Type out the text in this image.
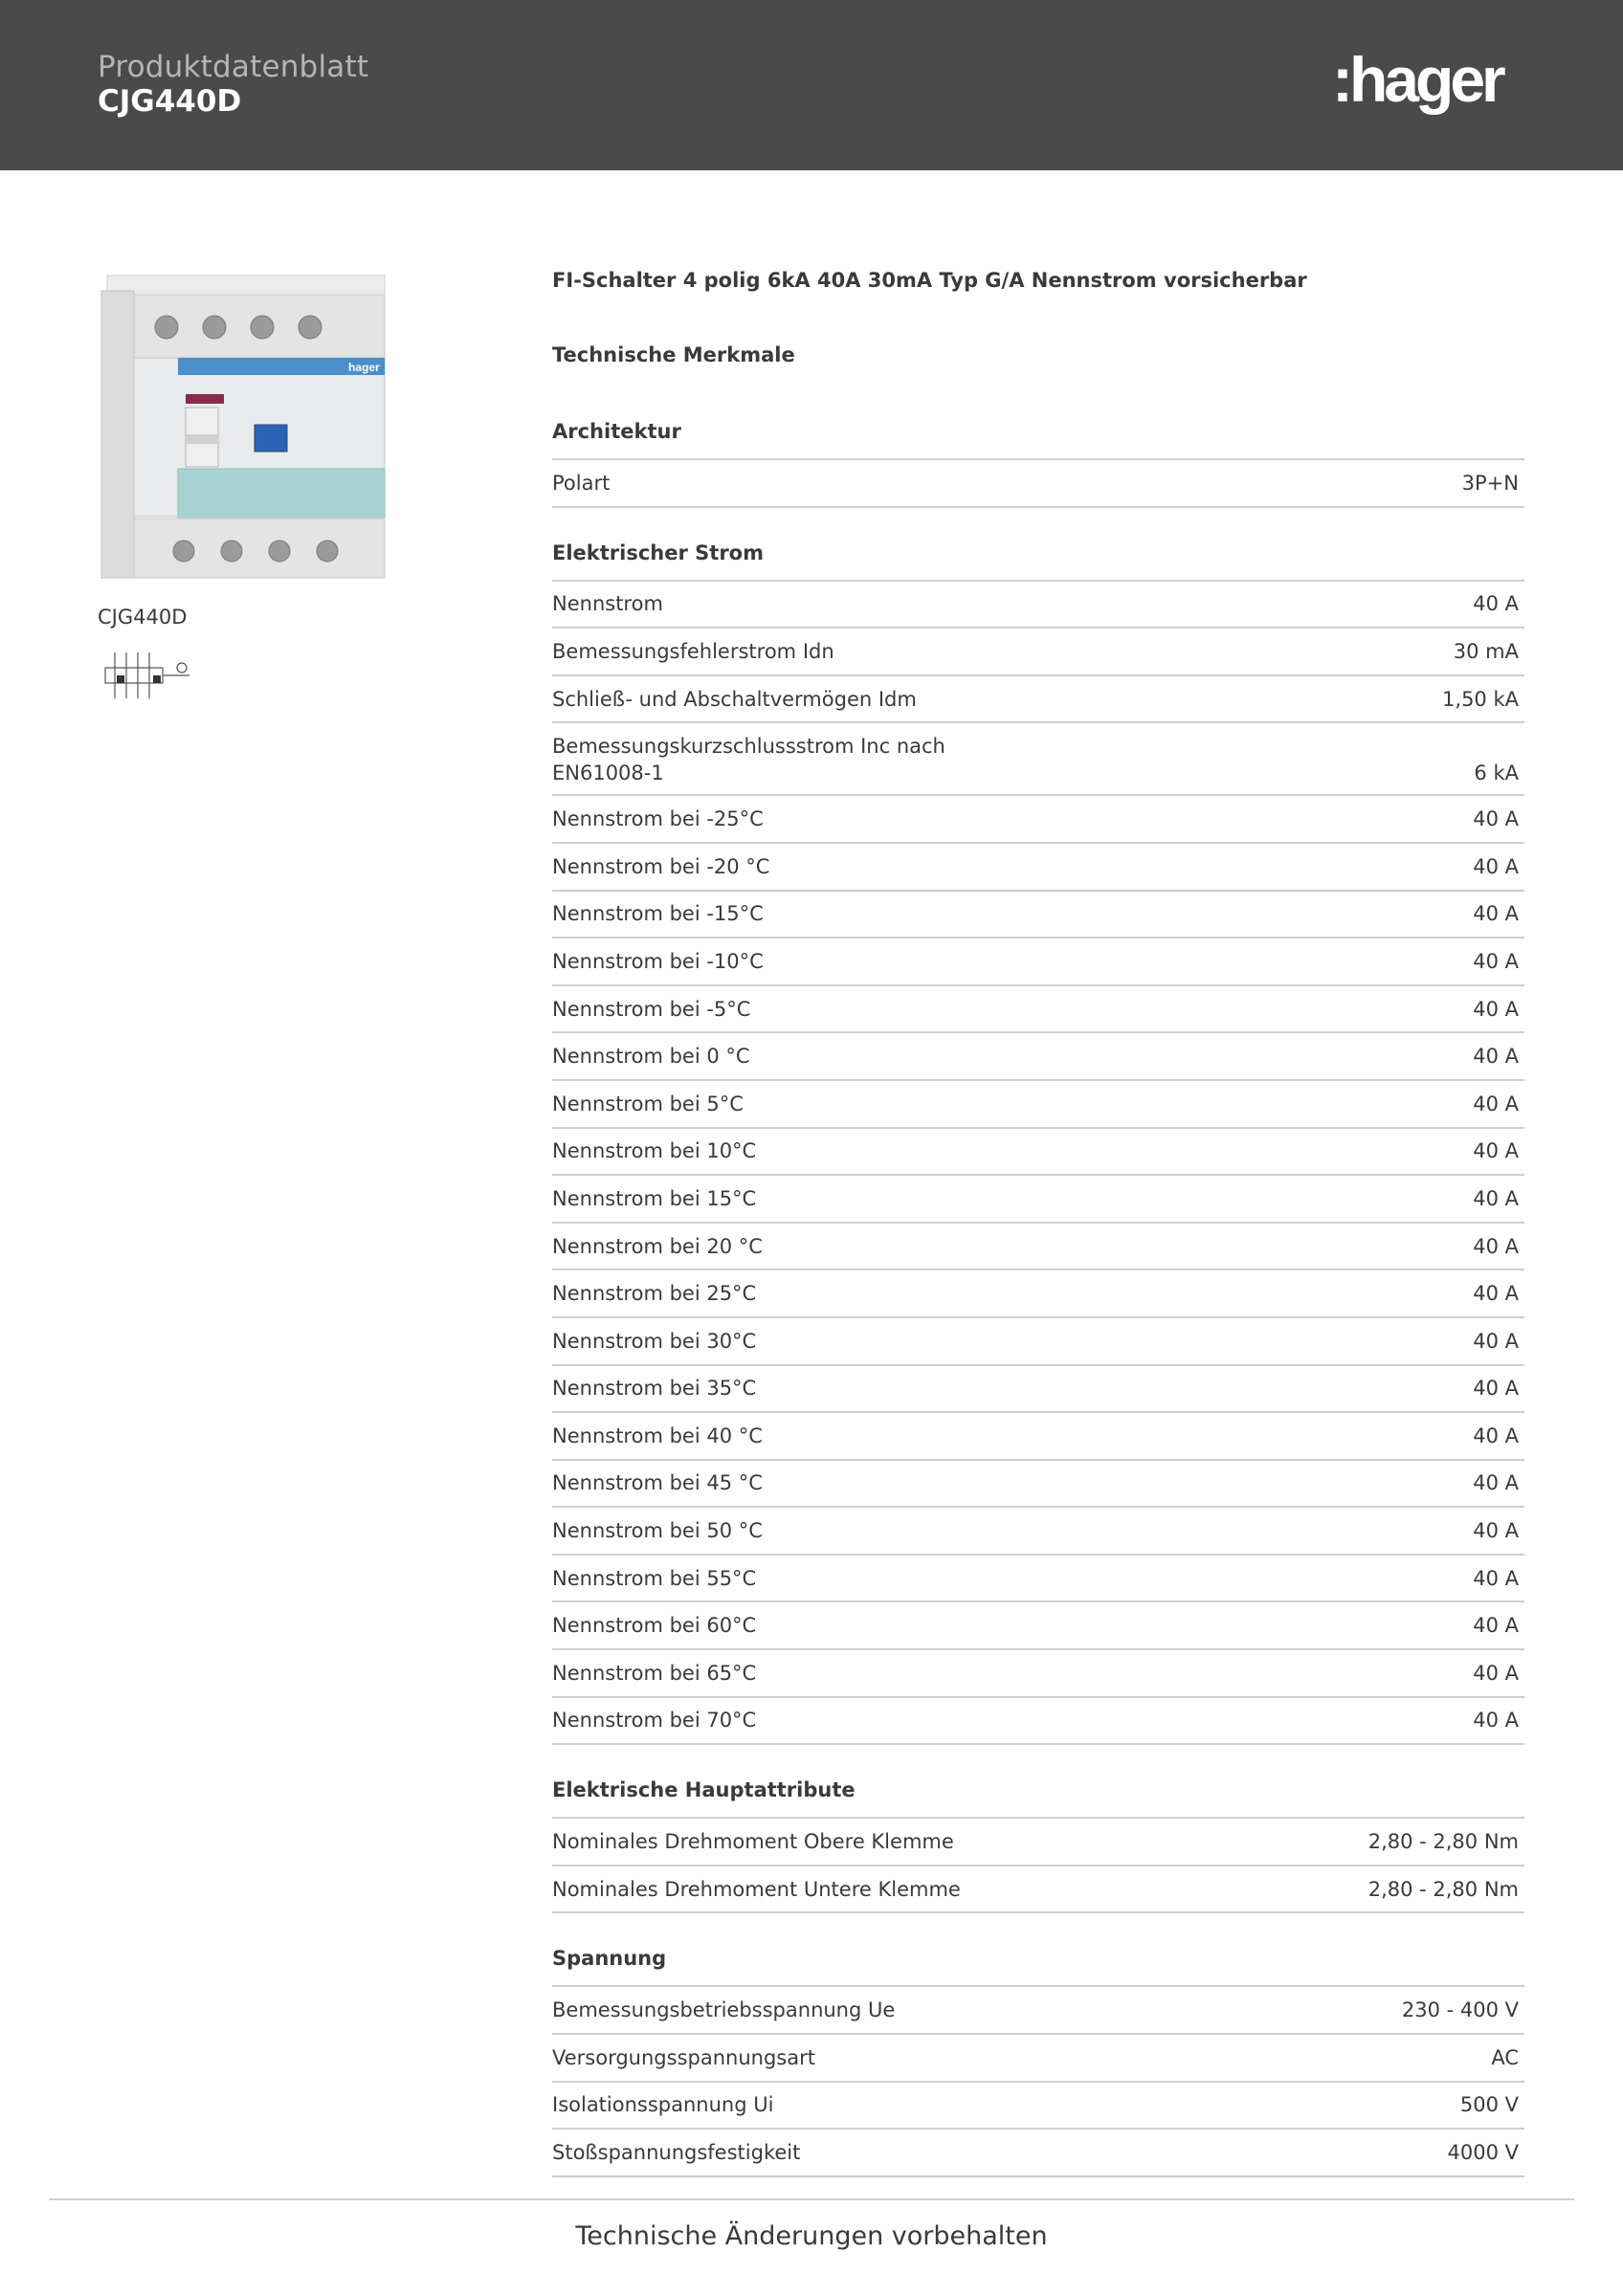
Produktdatenblatt
CJG440D	:hager
hager
CJG440D
FI-Schalter 4 polig 6kA 40A 30mA Typ G/A Nennstrom vorsicherbar
Technische Merkmale
Architektur
Polart	3P+N
Elektrischer Strom
Nennstrom	40 A
Bemessungsfehlerstrom Idn	30 mA
Schließ- und Abschaltvermögen Idm	1,50 kA
Bemessungskurzschlussstrom Inc nach EN61008-1	6 kA
Nennstrom bei -25°C	40 A
Nennstrom bei -20 °C	40 A
Nennstrom bei -15°C	40 A
Nennstrom bei -10°C	40 A
Nennstrom bei -5°C	40 A
Nennstrom bei 0 °C	40 A
Nennstrom bei 5°C	40 A
Nennstrom bei 10°C	40 A
Nennstrom bei 15°C	40 A
Nennstrom bei 20 °C	40 A
Nennstrom bei 25°C	40 A
Nennstrom bei 30°C	40 A
Nennstrom bei 35°C	40 A
Nennstrom bei 40 °C	40 A
Nennstrom bei 45 °C	40 A
Nennstrom bei 50 °C	40 A
Nennstrom bei 55°C	40 A
Nennstrom bei 60°C	40 A
Nennstrom bei 65°C	40 A
Nennstrom bei 70°C	40 A
Elektrische Hauptattribute
Nominales Drehmoment Obere Klemme	2,80 - 2,80 Nm
Nominales Drehmoment Untere Klemme	2,80 - 2,80 Nm
Spannung
Bemessungsbetriebsspannung Ue	230 - 400 V
Versorgungsspannungsart	AC
Isolationsspannung Ui	500 V
Stoßspannungsfestigkeit	4000 V
Technische Änderungen vorbehalten
